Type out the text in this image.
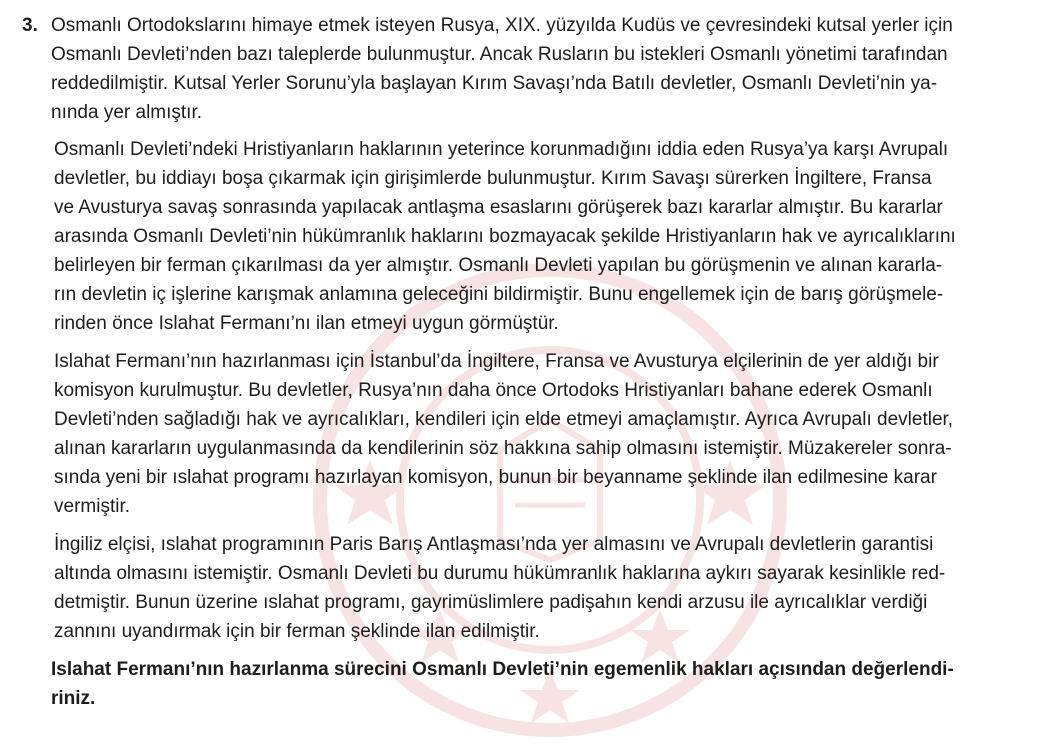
3. Osmanlı Ortodokslarını himaye etmek isteyen Rusya, XIX. yüzyılda Kudüs ve çevresindeki kutsal yerler için
Osmanlı Devleti’nden bazı taleplerde bulunmuştur. Ancak Rusların bu istekleri Osmanlı yönetimi tarafından
reddedilmiştir. Kutsal Yerler Sorunu’yla başlayan Kırım Savaşı’nda Batılı devletler, Osmanlı Devleti’nin ya-
nında yer almıştır.
Osmanlı Devleti’ndeki Hristiyanların haklarının yeterince korunmadığını iddia eden Rusya’ya karşı Avrupalı
devletler, bu iddiayı boşa çıkarmak için girişimlerde bulunmuştur. Kırım Savaşı sürerken İngiltere, Fransa
ve Avusturya savaş sonrasında yapılacak antlaşma esaslarını görüşerek bazı kararlar almıştır. Bu kararlar
arasında Osmanlı Devleti’nin hükümranlık haklarını bozmayacak şekilde Hristiyanların hak ve ayrıcalıklarını
belirleyen bir ferman çıkarılması da yer almıştır. Osmanlı Devleti yapılan bu görüşmenin ve alınan kararla-
rın devletin iç işlerine karışmak anlamına geleceğini bildirmiştir. Bunu engellemek için de barış görüşmele-
rinden önce Islahat Fermanı’nı ilan etmeyi uygun görmüştür.
Islahat Fermanı’nın hazırlanması için İstanbul’da İngiltere, Fransa ve Avusturya elçilerinin de yer aldığı bir
komisyon kurulmuştur. Bu devletler, Rusya’nın daha önce Ortodoks Hristiyanları bahane ederek Osmanlı
Devleti’nden sağladığı hak ve ayrıcalıkları, kendileri için elde etmeyi amaçlamıştır. Ayrıca Avrupalı devletler,
alınan kararların uygulanmasında da kendilerinin söz hakkına sahip olmasını istemiştir. Müzakereler sonra-
sında yeni bir ıslahat programı hazırlayan komisyon, bunun bir beyanname şeklinde ilan edilmesine karar
vermiştir.
İngiliz elçisi, ıslahat programının Paris Barış Antlaşması’nda yer almasını ve Avrupalı devletlerin garantisi
altında olmasını istemiştir. Osmanlı Devleti bu durumu hükümranlık haklarına aykırı sayarak kesinlikle red-
detmiştir. Bunun üzerine ıslahat programı, gayrimüslimlere padişahın kendi arzusu ile ayrıcalıklar verdiği
zannını uyandırmak için bir ferman şeklinde ilan edilmiştir.
Islahat Fermanı’nın hazırlanma sürecini Osmanlı Devleti’nin egemenlik hakları açısından değerlendi-
riniz.
